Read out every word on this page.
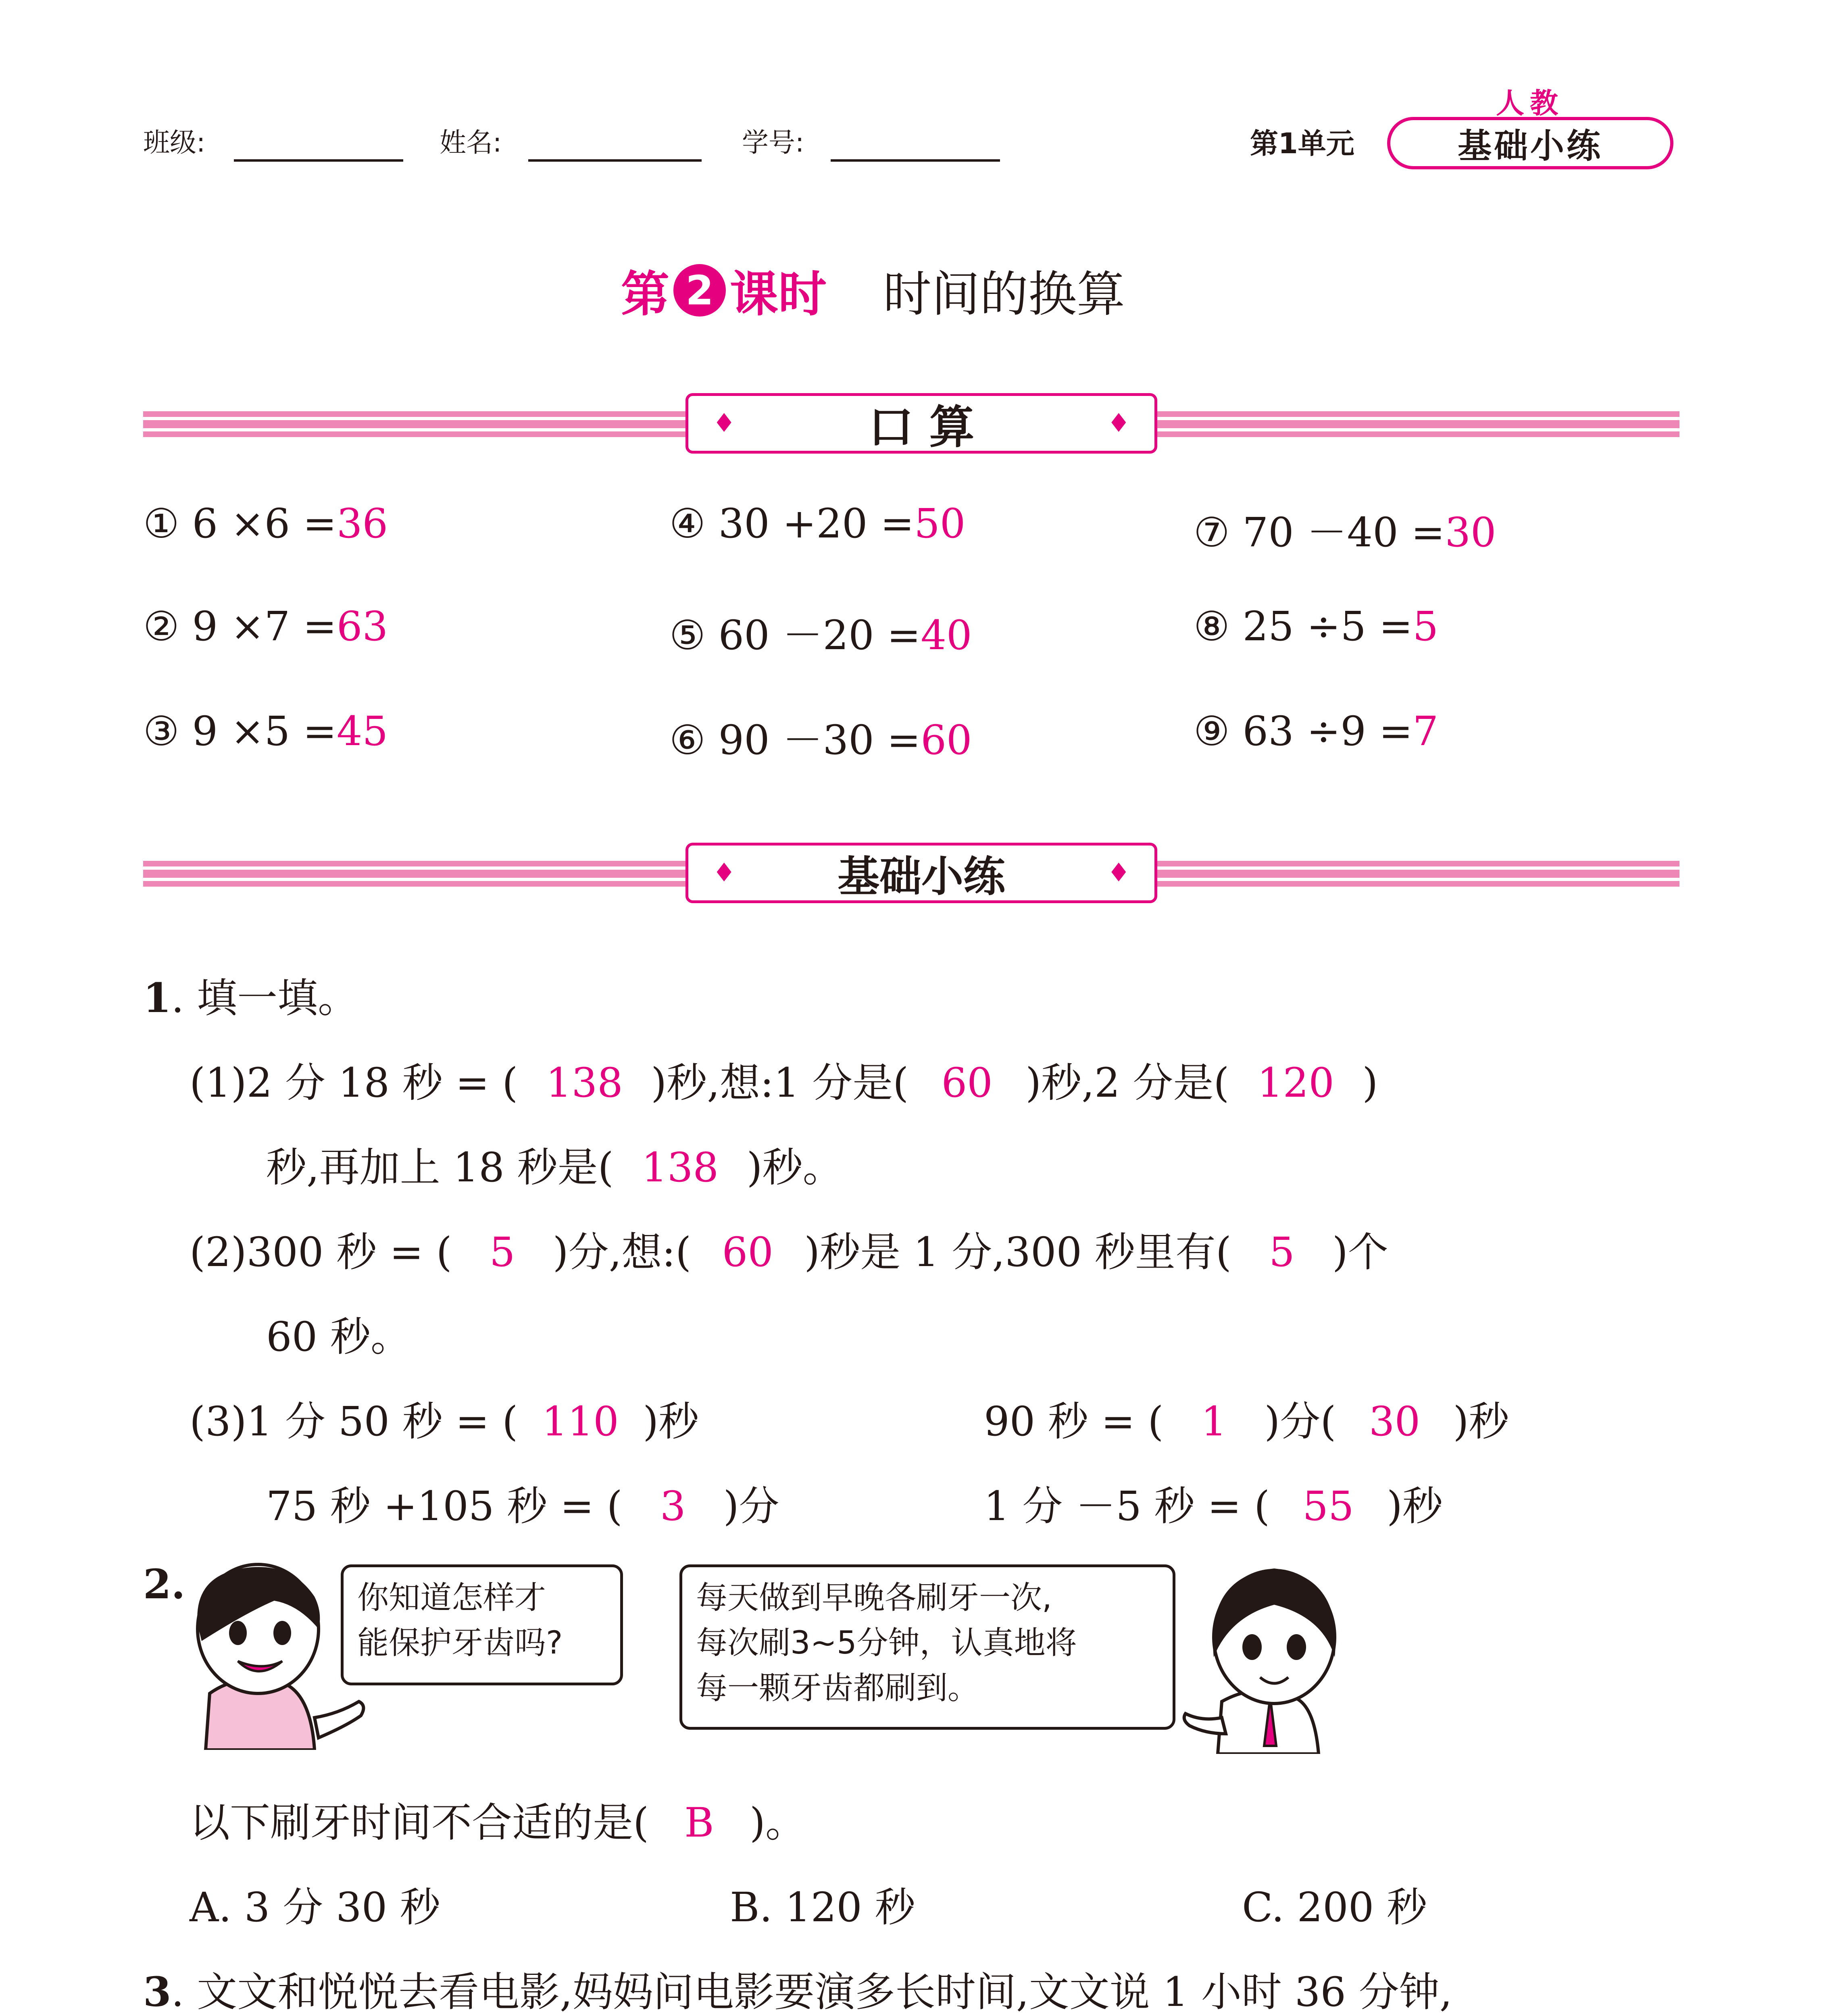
班级:	姓名:	学号:	第1单元	基础小练
人教
第 2 课时 时间的换算
♦	口 算	♦
① 6 ×6 =36	④ 30 +20 =50	⑦ 70 －40 =30
② 9 ×7 =63	⑤ 60 －20 =40	⑧ 25 ÷5 =5
③ 9 ×5 =45	⑥ 90 －30 =60	⑨ 63 ÷9 =7
♦ 基础小练	♦
1. 填一填。
(1)2 分 18 秒 = ( 138 )秒,想:1 分是( 60 )秒,2 分是( 120 )
秒,再加上 18 秒是( 138 )秒。
(2)300 秒 = ( 5 )分,想:( 60 )秒是 1 分,300 秒里有( 5 )个
60 秒。
(3)1 分 50 秒 = ( 110 )秒	90 秒 = ( 1 )分( 30 )秒
75 秒 +105 秒 = ( 3 )分	1 分 －5 秒 = ( 55 )秒
2.	你知道怎样才
能保护牙齿吗?
每天做到早晚各刷牙一次,
每次刷3~5分钟，认真地将
每一颗牙齿都刷到。
以下刷牙时间不合适的是( B )。
A. 3 分 30 秒	B. 120 秒	C. 200 秒
3. 文文和悦悦去看电影,妈妈问电影要演多长时间,文文说 1 小时 36 分钟,
